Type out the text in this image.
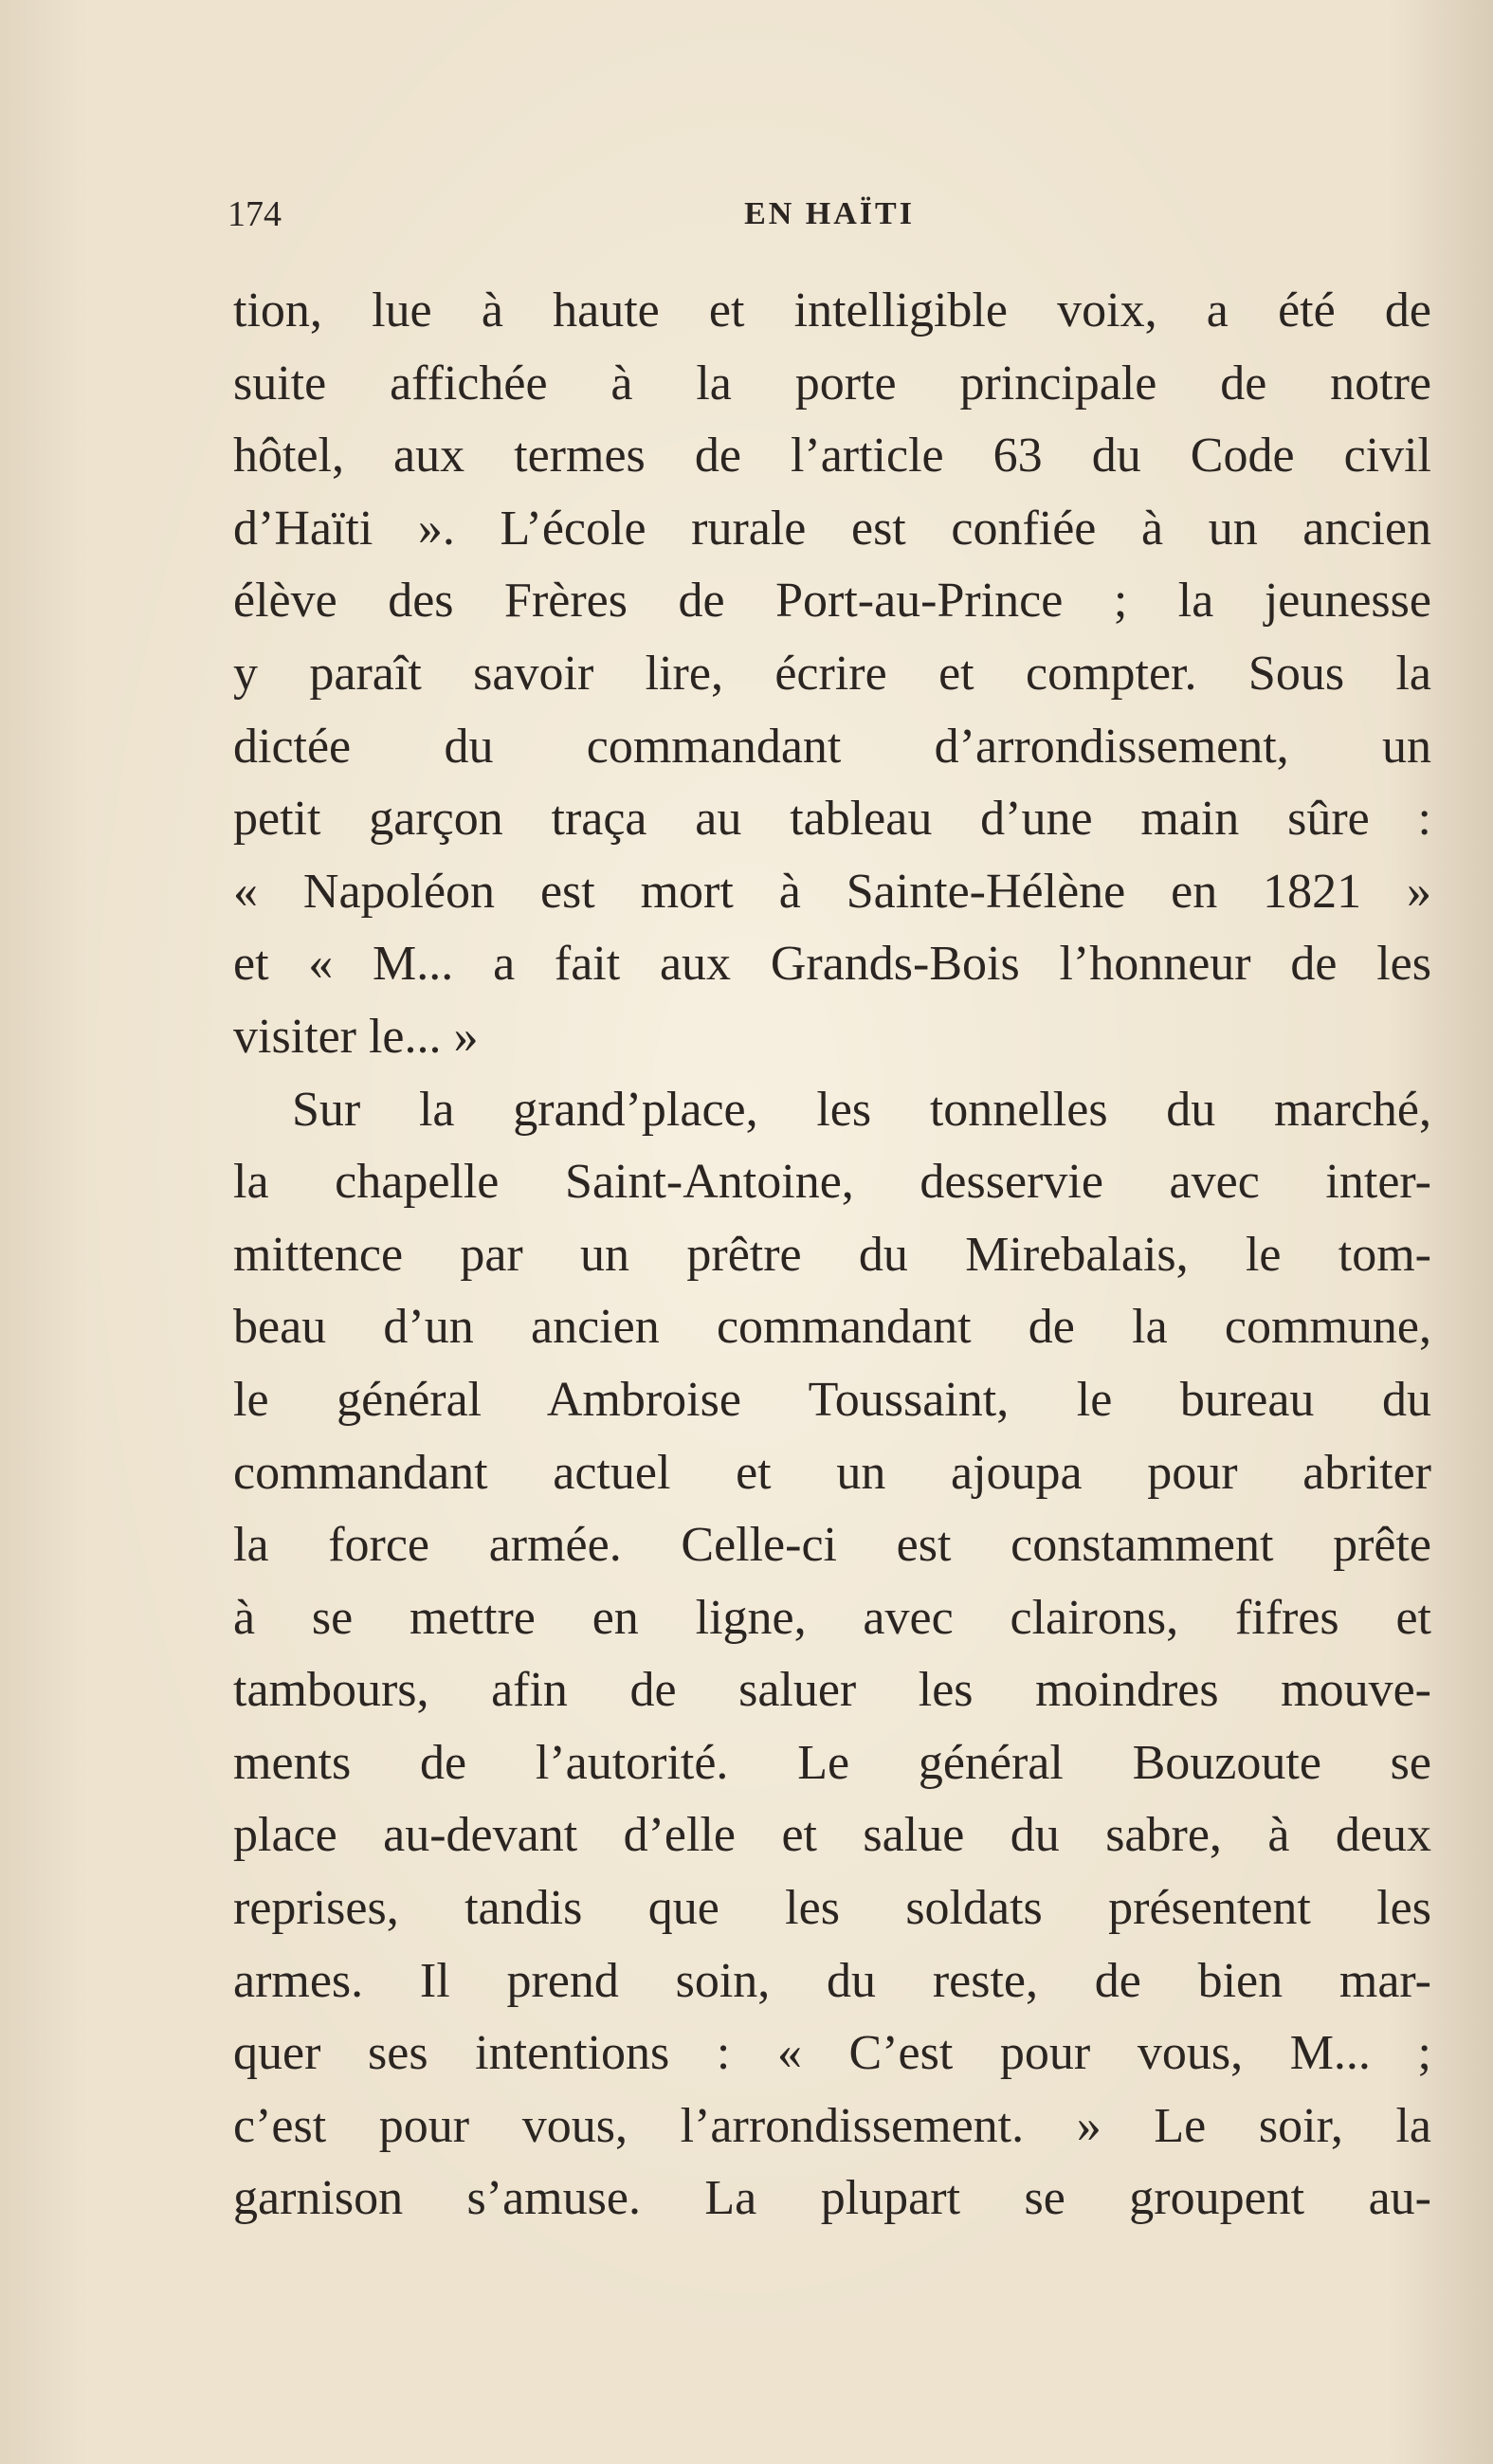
174	EN HAÏTI
tion, lue à haute et intelligible voix, a été de
suite affichée à la porte principale de notre
hôtel, aux termes de l’article 63 du Code civil
d’Haïti ». L’école rurale est confiée à un ancien
élève des Frères de Port-au-Prince ; la jeunesse
y paraît savoir lire, écrire et compter. Sous la
dictée du commandant d’arrondissement, un
petit garçon traça au tableau d’une main sûre :
« Napoléon est mort à Sainte-Hélène en 1821 »
et « M... a fait aux Grands-Bois l’honneur de les
visiter le... »
Sur la grand’place, les tonnelles du marché,
la chapelle Saint-Antoine, desservie avec inter-
mittence par un prêtre du Mirebalais, le tom-
beau d’un ancien commandant de la commune,
le général Ambroise Toussaint, le bureau du
commandant actuel et un ajoupa pour abriter
la force armée. Celle-ci est constamment prête
à se mettre en ligne, avec clairons, fifres et
tambours, afin de saluer les moindres mouve-
ments de l’autorité. Le général Bouzoute se
place au-devant d’elle et salue du sabre, à deux
reprises, tandis que les soldats présentent les
armes. Il prend soin, du reste, de bien mar-
quer ses intentions : « C’est pour vous, M... ;
c’est pour vous, l’arrondissement. » Le soir, la
garnison s’amuse. La plupart se groupent au-
